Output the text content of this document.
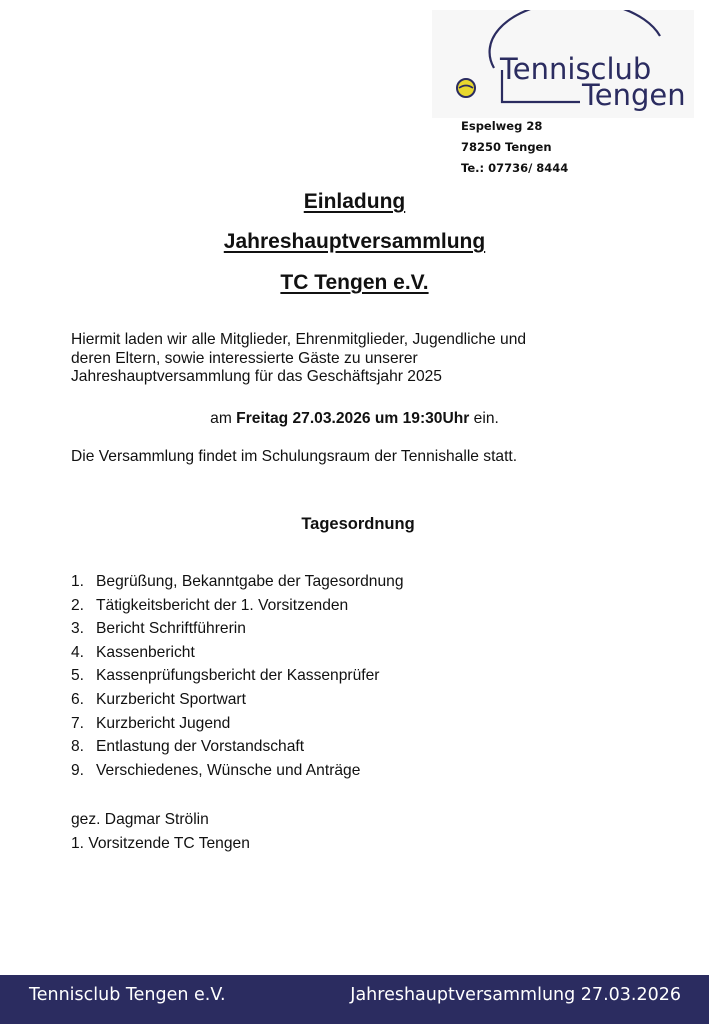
Tennisclub
Tengen
Espelweg 28
78250 Tengen
Te.: 07736/ 8444
Einladung
Jahreshauptversammlung
TC Tengen e.V.
Hiermit laden wir alle Mitglieder, Ehrenmitglieder, Jugendliche und
deren Eltern, sowie interessierte Gäste zu unserer
Jahreshauptversammlung für das Geschäftsjahr 2025
am Freitag 27.03.2026 um 19:30Uhr ein.
Die Versammlung findet im Schulungsraum der Tennishalle statt.
Tagesordnung
1. Begrüßung, Bekanntgabe der Tagesordnung
2. Tätigkeitsbericht der 1. Vorsitzenden
3. Bericht Schriftführerin
4. Kassenbericht
5. Kassenprüfungsbericht der Kassenprüfer
6. Kurzbericht Sportwart
7. Kurzbericht Jugend
8. Entlastung der Vorstandschaft
9. Verschiedenes, Wünsche und Anträge
gez. Dagmar Strölin
1. Vorsitzende TC Tengen
Tennisclub Tengen e.V.	Jahreshauptversammlung 27.03.2026
